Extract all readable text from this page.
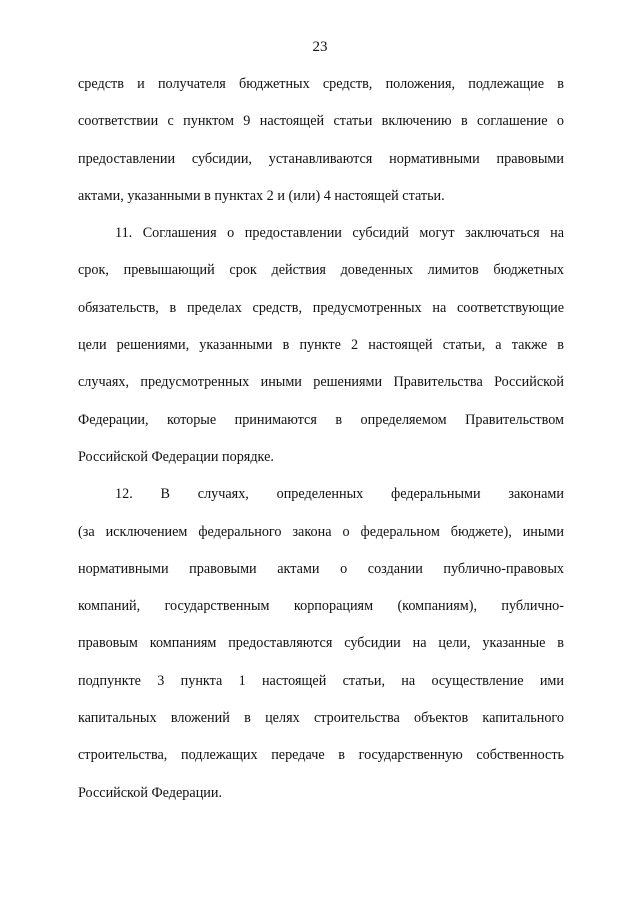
23
средств и получателя бюджетных средств, положения, подлежащие в
соответствии с пунктом 9 настоящей статьи включению в соглашение о
предоставлении субсидии, устанавливаются нормативными правовыми
актами, указанными в пунктах 2 и (или) 4 настоящей статьи.
11. Соглашения о предоставлении субсидий могут заключаться на
срок, превышающий срок действия доведенных лимитов бюджетных
обязательств, в пределах средств, предусмотренных на соответствующие
цели решениями, указанными в пункте 2 настоящей статьи, а также в
случаях, предусмотренных иными решениями Правительства Российской
Федерации, которые принимаются в определяемом Правительством
Российской Федерации порядке.
12. В случаях, определенных федеральными законами
(за исключением федерального закона о федеральном бюджете), иными
нормативными правовыми актами о создании публично-правовых
компаний, государственным корпорациям (компаниям), публично-
правовым компаниям предоставляются субсидии на цели, указанные в
подпункте 3 пункта 1 настоящей статьи, на осуществление ими
капитальных вложений в целях строительства объектов капитального
строительства, подлежащих передаче в государственную собственность
Российской Федерации.
